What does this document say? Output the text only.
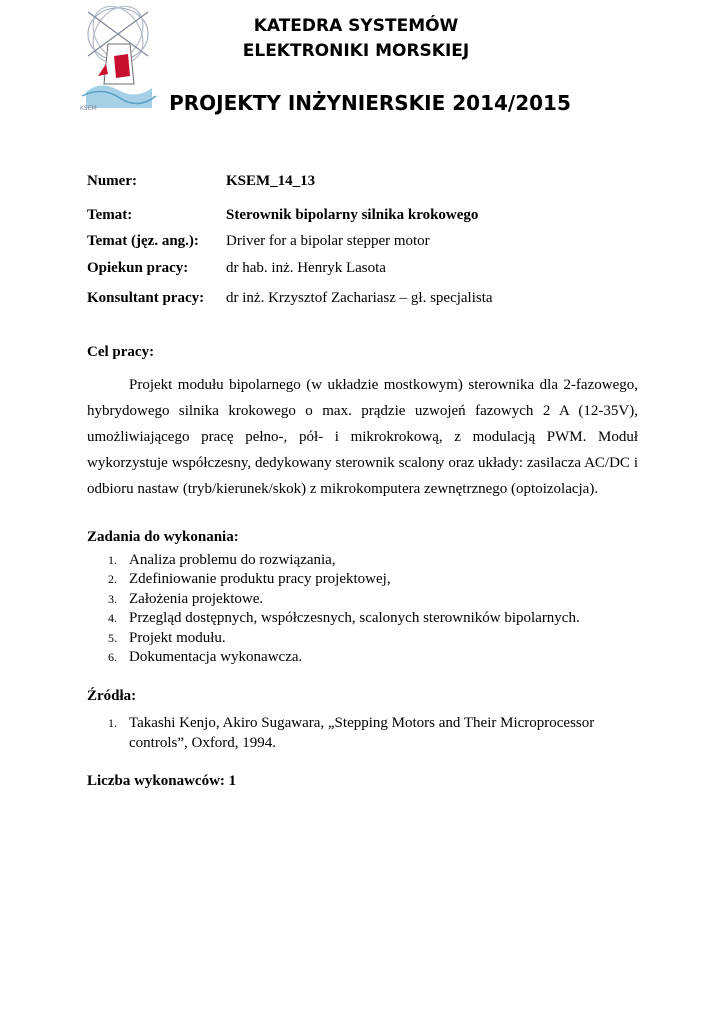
KSEM
KATEDRA SYSTEMÓW
ELEKTRONIKI MORSKIEJ
PROJEKTY INŻYNIERSKIE 2014/2015
Numer:	KSEM_14_13
Temat:	Sterownik bipolarny silnika krokowego
Temat (jęz. ang.): Driver for a bipolar stepper motor
Opiekun pracy:	dr hab. inż. Henryk Lasota
Konsultant pracy: dr inż. Krzysztof Zachariasz – gł. specjalista
Cel pracy:
Projekt modułu bipolarnego (w układzie mostkowym) sterownika dla 2-fazowego, hybrydowego silnika krokowego o max. prądzie uzwojeń fazowych 2 A (12-35V), umożliwiającego pracę pełno-, pół- i mikrokrokową, z modulacją PWM. Moduł wykorzystuje współczesny, dedykowany sterownik scalony oraz układy: zasilacza AC/DC i odbioru nastaw (tryb/kierunek/skok) z mikrokomputera zewnętrznego (optoizolacja).
Zadania do wykonania:
1. Analiza problemu do rozwiązania,
2. Zdefiniowanie produktu pracy projektowej,
3. Założenia projektowe.
4. Przegląd dostępnych, współczesnych, scalonych sterowników bipolarnych.
5. Projekt modułu.
6. Dokumentacja wykonawcza.
Źródła:
1. Takashi Kenjo, Akiro Sugawara, „Stepping Motors and Their Microprocessor controls”, Oxford, 1994.
Liczba wykonawców: 1
